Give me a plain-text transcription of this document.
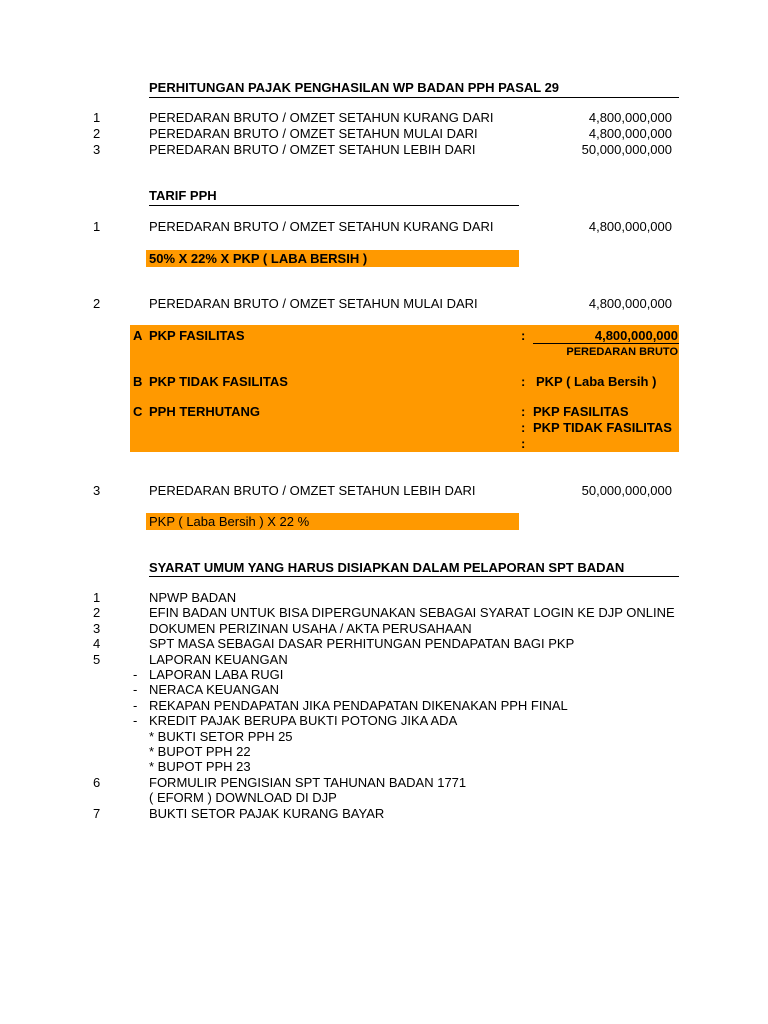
PERHITUNGAN PAJAK PENGHASILAN WP BADAN PPH PASAL 29
1	PEREDARAN BRUTO / OMZET SETAHUN KURANG DARI	4,800,000,000
2	PEREDARAN BRUTO / OMZET SETAHUN MULAI DARI	4,800,000,000
3	PEREDARAN BRUTO / OMZET SETAHUN LEBIH DARI	50,000,000,000
TARIF PPH
1	PEREDARAN BRUTO / OMZET SETAHUN KURANG DARI	4,800,000,000
50% X 22% X PKP ( LABA BERSIH )
2	PEREDARAN BRUTO / OMZET SETAHUN MULAI DARI	4,800,000,000
A PKP FASILITAS	:	4,800,000,000
PEREDARAN BRUTO
B PKP TIDAK FASILITAS	: PKP ( Laba Bersih )
C PPH TERHUTANG	: PKP FASILITAS
: PKP TIDAK FASILITAS
:
3	PEREDARAN BRUTO / OMZET SETAHUN LEBIH DARI	50,000,000,000
PKP ( Laba Bersih ) X 22 %
SYARAT UMUM YANG HARUS DISIAPKAN DALAM PELAPORAN SPT BADAN
1	NPWP BADAN
2	EFIN BADAN UNTUK BISA DIPERGUNAKAN SEBAGAI SYARAT LOGIN KE DJP ONLINE
3	DOKUMEN PERIZINAN USAHA / AKTA PERUSAHAAN
4	SPT MASA SEBAGAI DASAR PERHITUNGAN PENDAPATAN BAGI PKP
5	LAPORAN KEUANGAN
- LAPORAN LABA RUGI
- NERACA KEUANGAN
- REKAPAN PENDAPATAN JIKA PENDAPATAN DIKENAKAN PPH FINAL
- KREDIT PAJAK BERUPA BUKTI POTONG JIKA ADA
* BUKTI SETOR PPH 25
* BUPOT PPH 22
* BUPOT PPH 23
6	FORMULIR PENGISIAN SPT TAHUNAN BADAN 1771
( EFORM ) DOWNLOAD DI DJP
7	BUKTI SETOR PAJAK KURANG BAYAR
